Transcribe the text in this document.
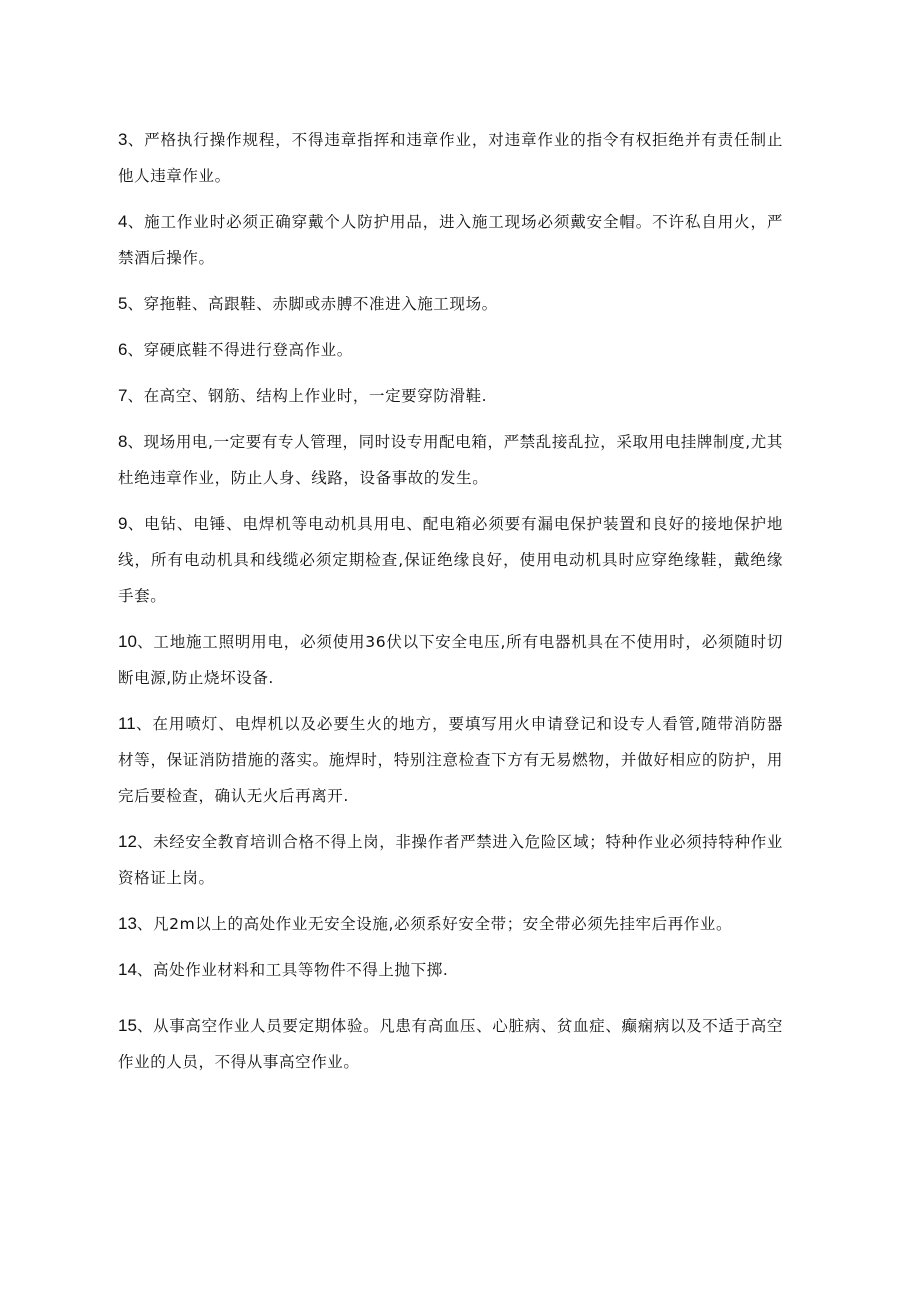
3、严格执行操作规程，不得违章指挥和违章作业，对违章作业的指令有权拒绝并有责任制止他人违章作业。
4、施工作业时必须正确穿戴个人防护用品，进入施工现场必须戴安全帽。不许私自用火，严禁酒后操作。
5、穿拖鞋、高跟鞋、赤脚或赤膊不准进入施工现场。
6、穿硬底鞋不得进行登高作业。
7、在高空、钢筋、结构上作业时，一定要穿防滑鞋.
8、现场用电,一定要有专人管理，同时设专用配电箱，严禁乱接乱拉，采取用电挂牌制度,尤其杜绝违章作业，防止人身、线路，设备事故的发生。
9、电钻、电锤、电焊机等电动机具用电、配电箱必须要有漏电保护装置和良好的接地保护地线，所有电动机具和线缆必须定期检查,保证绝缘良好，使用电动机具时应穿绝缘鞋，戴绝缘手套。
10、工地施工照明用电，必须使用36伏以下安全电压,所有电器机具在不使用时，必须随时切断电源,防止烧坏设备.
11、在用喷灯、电焊机以及必要生火的地方，要填写用火申请登记和设专人看管,随带消防器材等，保证消防措施的落实。施焊时，特别注意检查下方有无易燃物，并做好相应的防护，用完后要检查，确认无火后再离开.
12、未经安全教育培训合格不得上岗，非操作者严禁进入危险区域；特种作业必须持特种作业资格证上岗。
13、凡2m以上的高处作业无安全设施,必须系好安全带；安全带必须先挂牢后再作业。
14、高处作业材料和工具等物件不得上抛下掷.
15、从事高空作业人员要定期体验。凡患有高血压、心脏病、贫血症、癫痫病以及不适于高空作业的人员，不得从事高空作业。
